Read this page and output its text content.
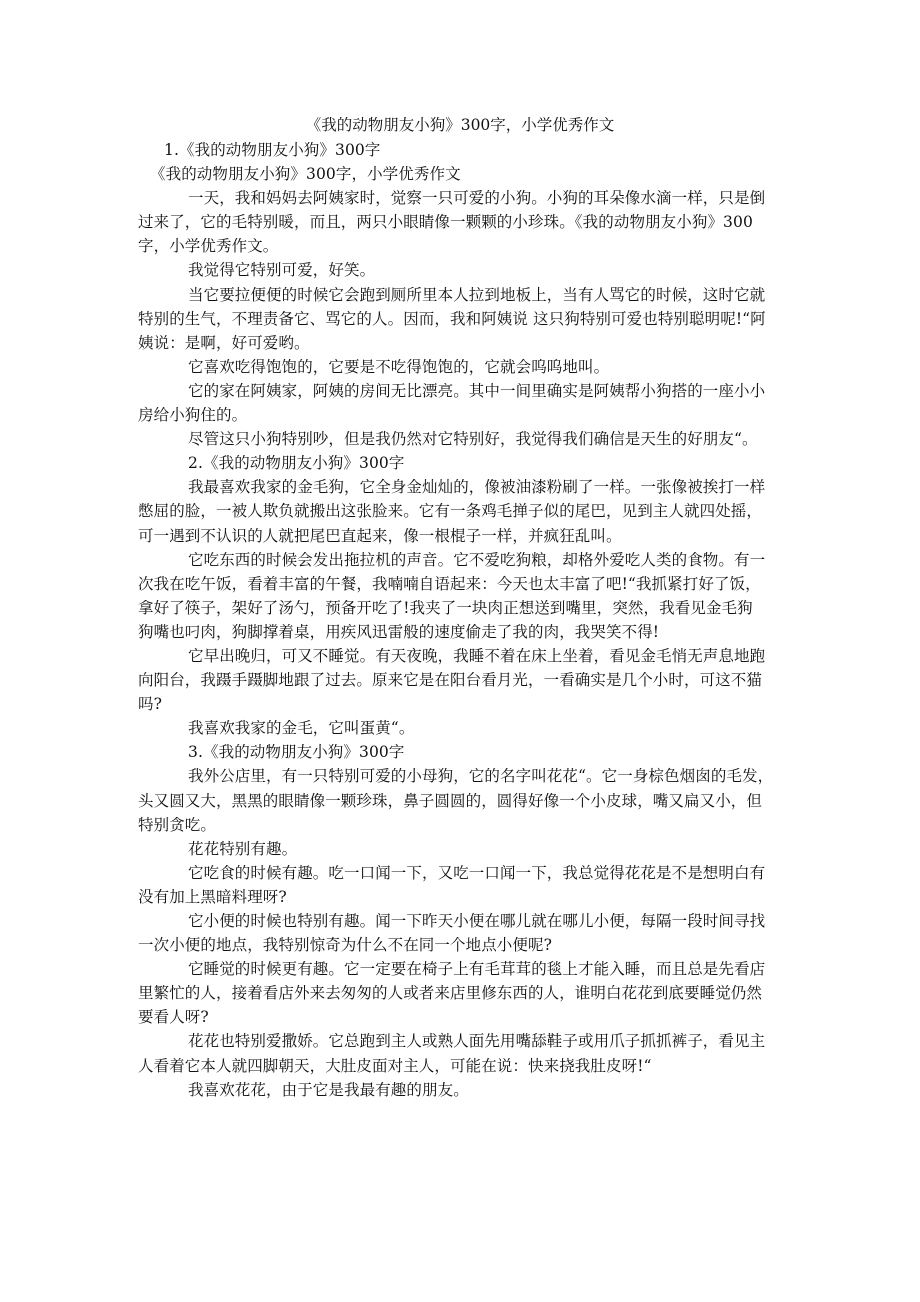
《我的动物朋友小狗》300字，小学优秀作文
1.《我的动物朋友小狗》300字
《我的动物朋友小狗》300字，小学优秀作文
一天，我和妈妈去阿姨家时，觉察一只可爱的小狗。小狗的耳朵像水滴一样，只是倒
过来了，它的毛特别暖，而且，两只小眼睛像一颗颗的小珍珠。《我的动物朋友小狗》300
字，小学优秀作文。
我觉得它特别可爱，好笑。
当它要拉便便的时候它会跑到厕所里本人拉到地板上，当有人骂它的时候，这时它就
特别的生气，不理责备它、骂它的人。因而，我和阿姨说 这只狗特别可爱也特别聪明呢!“阿
姨说：是啊，好可爱哟。
它喜欢吃得饱饱的，它要是不吃得饱饱的，它就会呜呜地叫。
它的家在阿姨家，阿姨的房间无比漂亮。其中一间里确实是阿姨帮小狗搭的一座小小
房给小狗住的。
尽管这只小狗特别吵，但是我仍然对它特别好，我觉得我们确信是天生的好朋友“。
2.《我的动物朋友小狗》300字
我最喜欢我家的金毛狗，它全身金灿灿的，像被油漆粉刷了一样。一张像被挨打一样
憋屈的脸，一被人欺负就搬出这张脸来。它有一条鸡毛掸子似的尾巴，见到主人就四处摇，
可一遇到不认识的人就把尾巴直起来，像一根棍子一样，并疯狂乱叫。
它吃东西的时候会发出拖拉机的声音。它不爱吃狗粮，却格外爱吃人类的食物。有一
次我在吃午饭，看着丰富的午餐，我喃喃自语起来：今天也太丰富了吧!“我抓紧打好了饭，
拿好了筷子，架好了汤勺，预备开吃了!我夹了一块肉正想送到嘴里，突然，我看见金毛狗
狗嘴也叼肉，狗脚撑着桌，用疾风迅雷般的速度偷走了我的肉，我哭笑不得!
它早出晚归，可又不睡觉。有天夜晚，我睡不着在床上坐着，看见金毛悄无声息地跑
向阳台，我蹑手蹑脚地跟了过去。原来它是在阳台看月光，一看确实是几个小时，可这不猫
吗?
我喜欢我家的金毛，它叫蛋黄“。
3.《我的动物朋友小狗》300字
我外公店里，有一只特别可爱的小母狗，它的名字叫花花“。它一身棕色烟囱的毛发，
头又圆又大，黑黑的眼睛像一颗珍珠，鼻子圆圆的，圆得好像一个小皮球，嘴又扁又小，但
特别贪吃。
花花特别有趣。
它吃食的时候有趣。吃一口闻一下，又吃一口闻一下，我总觉得花花是不是想明白有
没有加上黑暗料理呀?
它小便的时候也特别有趣。闻一下昨天小便在哪儿就在哪儿小便，每隔一段时间寻找
一次小便的地点，我特别惊奇为什么不在同一个地点小便呢?
它睡觉的时候更有趣。它一定要在椅子上有毛茸茸的毯上才能入睡，而且总是先看店
里繁忙的人，接着看店外来去匆匆的人或者来店里修东西的人，谁明白花花到底要睡觉仍然
要看人呀?
花花也特别爱撒娇。它总跑到主人或熟人面先用嘴舔鞋子或用爪子抓抓裤子，看见主
人看着它本人就四脚朝天，大肚皮面对主人，可能在说：快来挠我肚皮呀!“
我喜欢花花，由于它是我最有趣的朋友。
